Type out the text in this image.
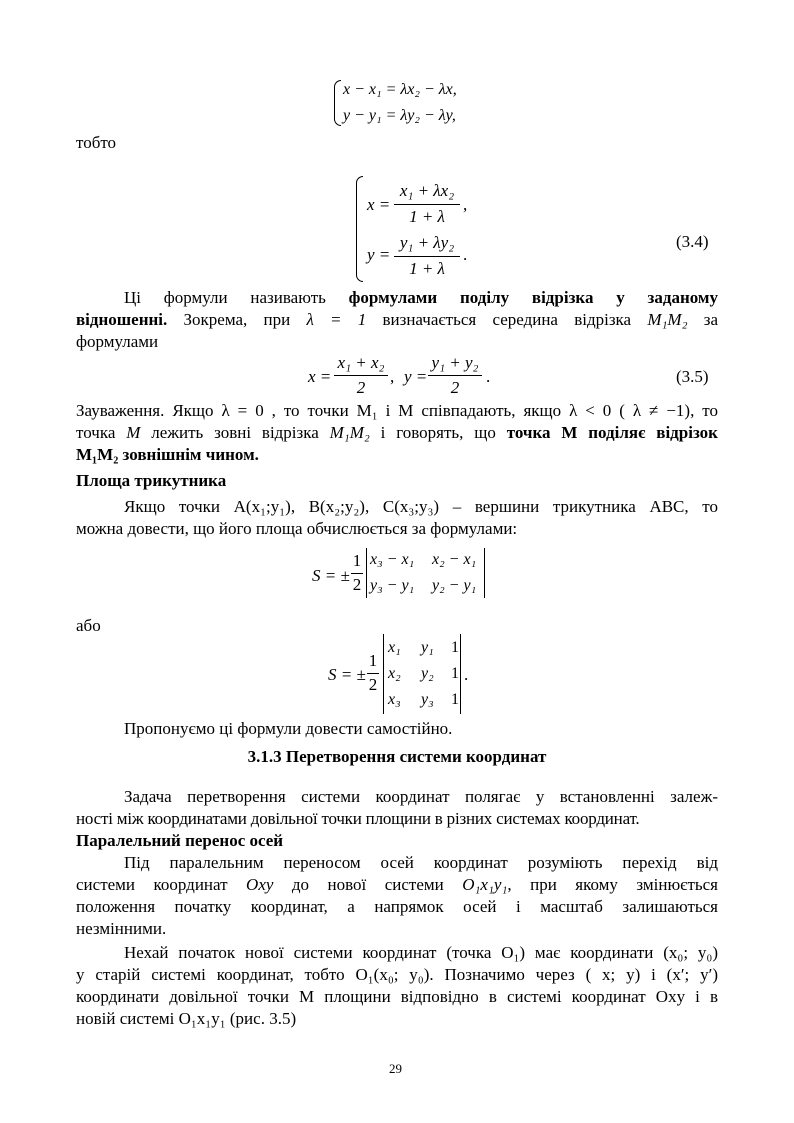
x − x₁ = λx₂ − λx,
y − y₁ = λy₂ − λy,
тобто
x =
x₁ + λx₂
1 + λ
,
y =
y₁ + λy₂
1 + λ
.
(3.4)
Ці формули називають формулами поділу відрізка у заданому
відношенні. Зокрема, при λ = 1 визначається середина відрізка M₁M₂ за
формулами
x =
x₁ + x₂
2
, y =
y₁ + y₂
2
.	(3.5)
Зауваження. Якщо λ = 0 , то точки M₁ і M співпадають, якщо λ < 0 ( λ ≠ −1), то
точка M лежить зовні відрізка M₁M₂ і говорять, що точка M поділяє відрізок
M₁M₂ зовнішнім чином.
Площа трикутника
Якщо точки A(x₁;y₁), B(x₂;y₂), C(x₃;y₃) – вершини трикутника ABC, то
можна довести, що його площа обчислюється за формулами:
S = ±
1
2
x₃ − x₁ x₂ − x₁
y₃ − y₁ y₂ − y₁
або
S = ±
1
2
x₁ y₁ 1
x₂ y₂ 1
x₃ y₃ 1
.
Пропонуємо ці формули довести самостійно.
3.1.3 Перетворення системи координат
Задача перетворення системи координат полягає у встановленні залеж-
ності між координатами довільної точки площини в різних системах координат.
Паралельний перенос осей
Під паралельним переносом осей координат розуміють перехід від
системи координат Oxy до нової системи O₁x₁y₁, при якому змінюється
положення початку координат, а напрямок осей і масштаб залишаються
незмінними.
Нехай початок нової системи координат (точка O₁) має координати (x₀; y₀)
у старій системі координат, тобто O₁(x₀; y₀). Позначимо через ( x; y) і (x′; y′)
координати довільної точки M площини відповідно в системі координат Oxy і в
новій системі O₁x₁y₁ (рис. 3.5)
29
